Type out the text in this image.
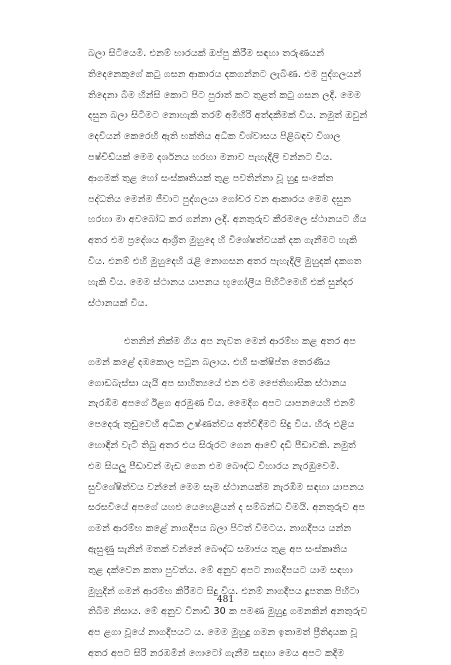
බලා සිටියෙමි. එනම් භාරයක් ඔප්පු කිරීම සඳහා තරුණයන්
තිදෙනෙකුගේ කටු ගසන ආකාරය දකගන්නට ලැබිණ. එම පුද්ගලයන්
තිදෙනා බිම හින්සි කොට පිට පුරාත් කට තුළත් කටු ගසන ලදි. මෙම
දසුන බලා සිටීමට නොහැකි තරම් අමිහිරි අත්දකීමක් විය. නමුත් ඔවුන්
දෙවියන් කෙරෙහි ඇති භක්තිය අධික විශ්වාසය පිළිබඳව විශාල
පෂ්චිඩ්යක් මෙම දර්ශනය හරහා මනාව පැහැදිලි වන්නට විය.
ආගමක් තුළ හෝ සංස්කෘතියක් තුළ පවතින්නා වූ හුදු සංකේත
පද්ධතිය මෙන්ම ජීවාට පුද්ගලයා ගෝචර වන ආකාරය මෙම දසුන
හරහා මා අවබෝධ කර ගන්නා ලදි. අනතුරුව කීරමලෙ ස්ථානයට ගිය
අතර එම ප්‍රදේශය ආශ්‍රිත මුහුදෙ හි විශේෂත්වයක් දක ගැනීමට හැකි
විය. එනම් එහි මුහුදෙහි රැළි නොගසන අතර පැහැදිලි මුහුදක් දකගත
හැකි විය. මෙම ස්ථානය යාපනය භූගෝලීය පිහිටීමෙහි එක් සුන්දර
ස්ථානයක් විය.

එතනින් නික්ම ගිය අප නැවත මෙන් ආරම්භ කළ අතර අප
ගමන් කළේ දඹකොල පටුන බලාය. එහි සංක්ෂිප්ත තෙරණිය
ගොඩබැස්සා යැයි අප සාහිත්‍යයේ එන එම ජෛතිහාසික ස්ථානය
නැරඹීම අපගේ ඊළග අරමුණ විය. මෛදිග අපට යාපනයෙහි එනම්
පෙදෙරු තුඩුවෙහි අධික උෂ්ණත්වය අත්විඳීමට සිදු විය. හිරු එළිය
හොඳින් වැටී තිබු අතර එය සිරුරට ගෙන ආවේ දඩි පීඩාවකි. නමුත්
එම සියලු පීඩාවන් මැඩ ගෙන එම බෞද්ධ විහාරය නැරඹුවෙමි.
සුවිශේෂිත්වය වන්නේ මෙම සෑම ස්ථානයක්ම නැරඹීම සඳහා යාපනය
සරසවියේ අපගේ යහළු යෙහෙළියන් ද සම්බන්ධ විමයි. අනතුරුව අප
ගමන් ආරම්භ කළේ නාගදීපය බලා පිටත් විමටය. නාගදීපය යන්න
ඇසුණු සැනින් මතක් වන්නේ බෞද්ධ සමාජය තුළ අප සංස්කෘතිය
තුළ දක්වෙන කතා පුවත්ය. මේ අනුව අපට නාගදීපයට යාම සඳහා
මුහුදින් ගමන් ආරම්භ කිරීමට සිදු විය. එනම් නාගදීපය දූපතක පිහිටා
තිබීම නිසාය. මේ අනුව විනාඩි 30 ක පමණ මුහුදු ගමනකින් අනතුරුව
අප ළගා වූයේ නාගදීපයට ය. මෙම මුහුදු ගමන ඉතාමත් ප්‍රීතිදායක වූ
අතර අපට සිරි නරඹමින් ෆොටෝ ගැනීම සඳහා මෙය අපට කදිම

481
